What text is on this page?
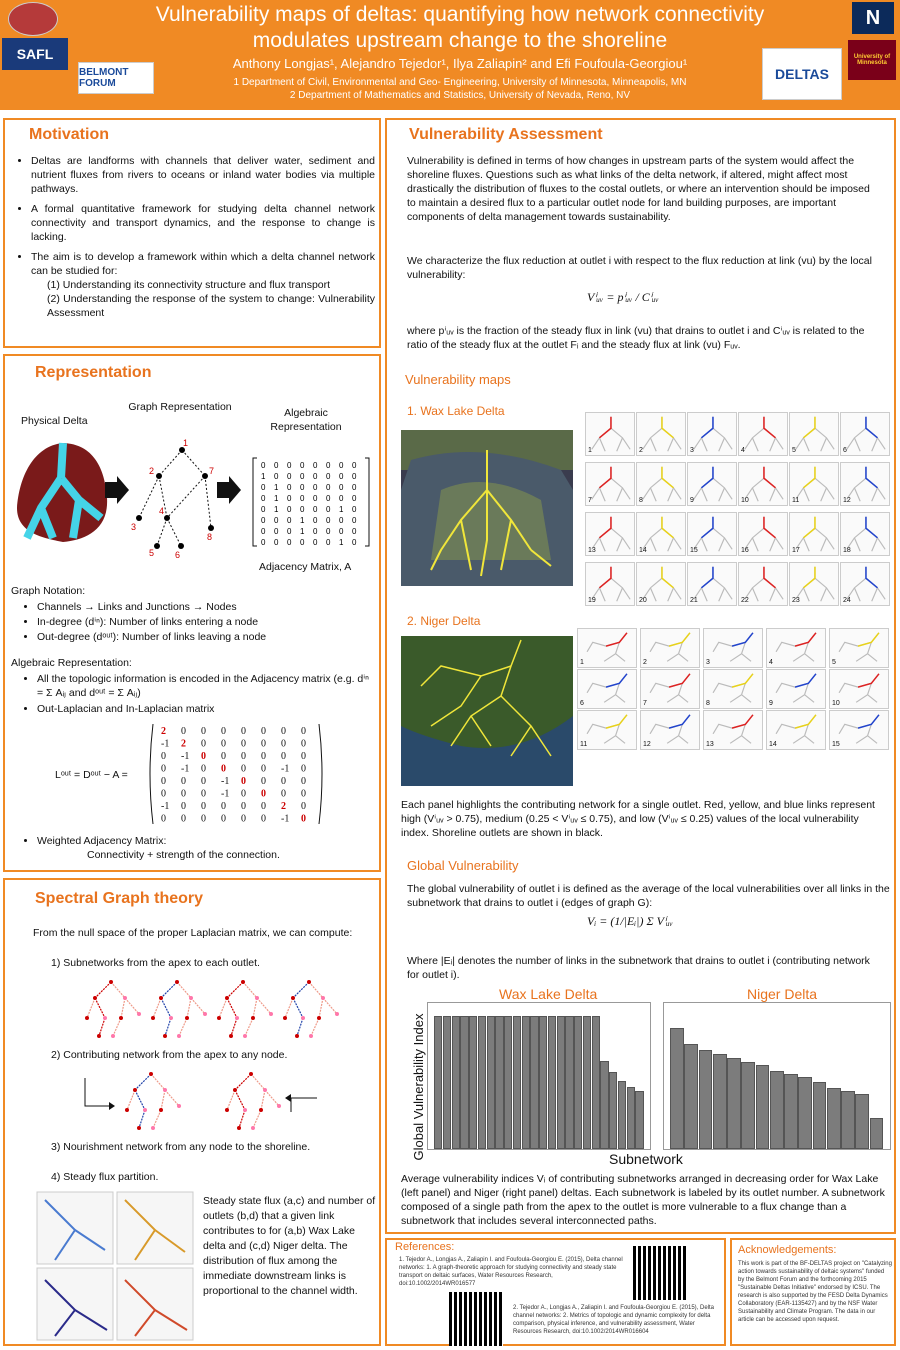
SAFL
BELMONT FORUM
Vulnerability maps of deltas: quantifying how network connectivity modulates upstream change to the shoreline
Anthony Longjas¹, Alejandro Tejedor¹, Ilya Zaliapin² and Efi Foufoula-Georgiou¹
1 Department of Civil, Environmental and Geo- Engineering, University of Minnesota, Minneapolis, MN
2 Department of Mathematics and Statistics, University of Nevada, Reno, NV
N
DELTAS
University of Minnesota
Motivation
• Deltas are landforms with channels that deliver water, sediment and nutrient fluxes from rivers to oceans or inland water bodies via multiple pathways.
• A formal quantitative framework for studying delta channel network connectivity and transport dynamics, and the response to change is lacking.
• The aim is to develop a framework within which a delta channel network can be studied for:
(1) Understanding its connectivity structure and flux transport
(2) Understanding the response of the system to change: Vulnerability Assessment
Representation
Physical Delta
Graph Representation	Algebraic Representation
1
2	7
3
4
8
5 6
0 0 0 0 0 0 0 0
1 0 0 0 0 0 0 0
0 1 0 0 0 0 0 0
0 1 0 0 0 0 0 0
0 1 0 0 0 0 1 0
0 0 0 1 0 0 0 0
0 0 0 1 0 0 0 0
0 0 0 0 0 0 1 0
Adjacency Matrix, A
Graph Notation:
• Channels → Links and Junctions → Nodes
• In-degree (dⁱⁿ): Number of links entering a node
• Out-degree (dᵒᵘᵗ): Number of links leaving a node
Algebraic Representation:
• All the topologic information is encoded in the Adjacency matrix (e.g. dⁱⁿ = Σ Aᵢⱼ and dᵒᵘᵗ = Σ Aᵢⱼ)
• Out-Laplacian and In-Laplacian matrix
Lᵒᵘᵗ = Dᵒᵘᵗ − A =
2 0 0 0 0 0 0 0
-1 2 0 0 0 0 0 0
0 -1 0 0 0 0 0 0
0 -1 0 0 0 0 -1 0
0 0 0 -1 0 0 0 0
0 0 0 -1 0 0 0 0
-1 0 0 0 0 0 2 0
0 0 0 0 0 0 -1 0
• Weighted Adjacency Matrix:
Connectivity + strength of the connection.
Spectral Graph theory
From the null space of the proper Laplacian matrix, we can compute:
1) Subnetworks from the apex to each outlet.
2) Contributing network from the apex to any node.
3) Nourishment network from any node to the shoreline.
4) Steady flux partition.
Steady state flux (a,c) and number of outlets (b,d) that a given link contributes to for (a,b) Wax Lake delta and (c,d) Niger delta. The distribution of flux among the immediate downstream links is proportional to the channel width.
Vulnerability Assessment
Vulnerability is defined in terms of how changes in upstream parts of the system would affect the shoreline fluxes. Questions such as what links of the delta network, if altered, might affect most drastically the distribution of fluxes to the costal outlets, or where an intervention should be imposed to maintain a desired flux to a particular outlet node for land building purposes, are important components of delta management towards sustainability.
We characterize the flux reduction at outlet i with respect to the flux reduction at link (vu) by the local vulnerability:
Vⁱᵤᵥ = pⁱᵤᵥ / Cⁱᵤᵥ
where pⁱᵤᵥ is the fraction of the steady flux in link (vu) that drains to outlet i and Cⁱᵤᵥ is related to the ratio of the steady flux at the outlet Fᵢ and the steady flux at link (vu) Fᵤᵥ.
Vulnerability maps
1. Wax Lake Delta
1	2	3	4	5	6
7	8	9	10	11	12
13	14	15	16	17	18
19	20	21	22	23	24
2. Niger Delta
1	2	3	4	5
6	7	8	9	10
11	12	13	14	15
Each panel highlights the contributing network for a single outlet. Red, yellow, and blue links represent high (Vⁱᵤᵥ > 0.75), medium (0.25 < Vⁱᵤᵥ ≤ 0.75), and low (Vⁱᵤᵥ ≤ 0.25) values of the local vulnerability index. Shoreline outlets are shown in black.
Global Vulnerability
The global vulnerability of outlet i is defined as the average of the local vulnerabilities over all links in the subnetwork that drains to outlet i (edges of graph G):
Vᵢ = (1/|Eᵢ|) Σ Vⁱᵤᵥ
Where |Eᵢ| denotes the number of links in the subnetwork that drains to outlet i (contributing network for outlet i).
Global Vulnerability Index
Wax Lake Delta	Niger Delta
Subnetwork
Average vulnerability indices Vᵢ of contributing subnetworks arranged in decreasing order for Wax Lake (left panel) and Niger (right panel) deltas. Each subnetwork is labeled by its outlet number. A subnetwork composed of a single path from the apex to the outlet is more vulnerable to a flux change than a subnetwork that includes several interconnected paths.
References:
1. Tejedor A., Longjas A., Zaliapin I. and Foufoula-Georgiou E. (2015), Delta channel networks: 1. A graph-theoretic approach for studying connectivity and steady state transport on deltaic surfaces, Water Resources Research, doi:10.1002/2014WR016577
2. Tejedor A., Longjas A., Zaliapin I. and Foufoula-Georgiou E. (2015), Delta channel networks: 2. Metrics of topologic and dynamic complexity for delta comparison, physical inference, and vulnerability assessment, Water Resources Research, doi:10.1002/2014WR016604
Acknowledgements:
This work is part of the BF-DELTAS project on "Catalyzing action towards sustainability of deltaic systems" funded by the Belmont Forum and the forthcoming 2015 "Sustainable Deltas Initiative" endorsed by ICSU. The research is also supported by the FESD Delta Dynamics Collaboratory (EAR-1135427) and by the NSF Water Sustainability and Climate Program. The data in our article can be accessed upon request.
